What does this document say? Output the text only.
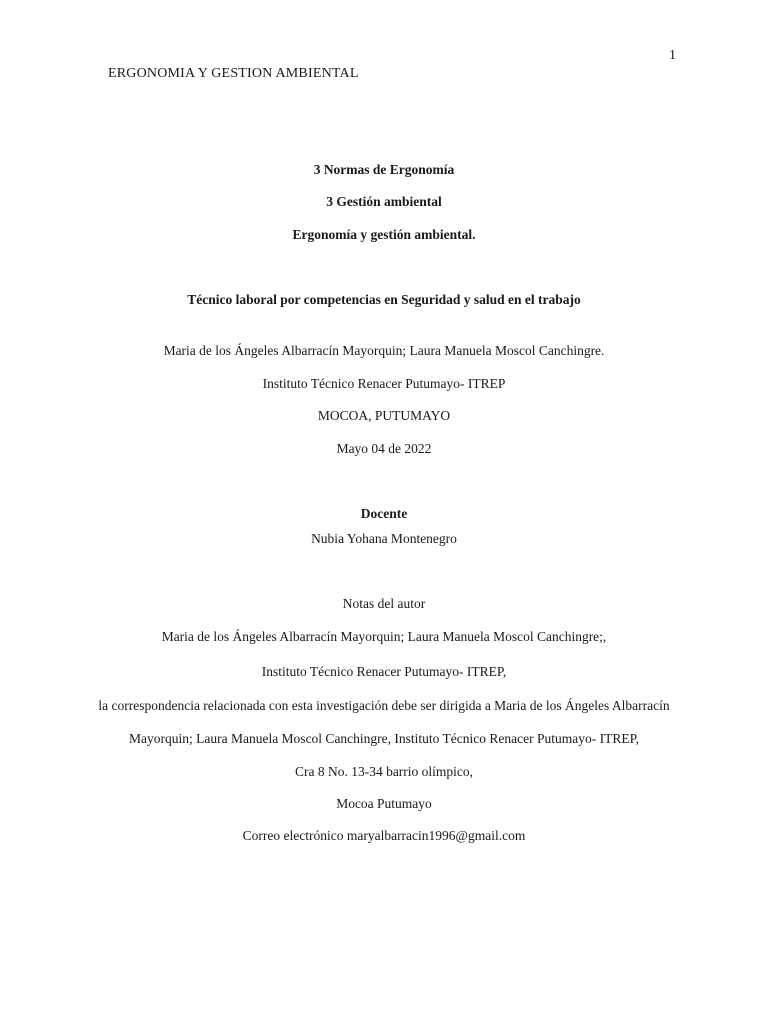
1
ERGONOMIA Y GESTION AMBIENTAL
3 Normas de Ergonomía
3 Gestión ambiental
Ergonomía y gestión ambiental.
Técnico laboral por competencias en Seguridad y salud en el trabajo
Maria de los Ángeles Albarracín Mayorquin; Laura Manuela Moscol Canchingre.
Instituto Técnico Renacer Putumayo- ITREP
MOCOA, PUTUMAYO
Mayo 04 de 2022
Docente
Nubia Yohana Montenegro
Notas del autor
Maria de los Ángeles Albarracín Mayorquin; Laura Manuela Moscol Canchingre;,
Instituto Técnico Renacer Putumayo- ITREP,
la correspondencia relacionada con esta investigación debe ser dirigida a Maria de los Ángeles Albarracín
Mayorquin; Laura Manuela Moscol Canchingre, Instituto Técnico Renacer Putumayo- ITREP,
Cra 8 No. 13-34 barrio olímpico,
Mocoa Putumayo
Correo electrónico maryalbarracin1996@gmail.com
